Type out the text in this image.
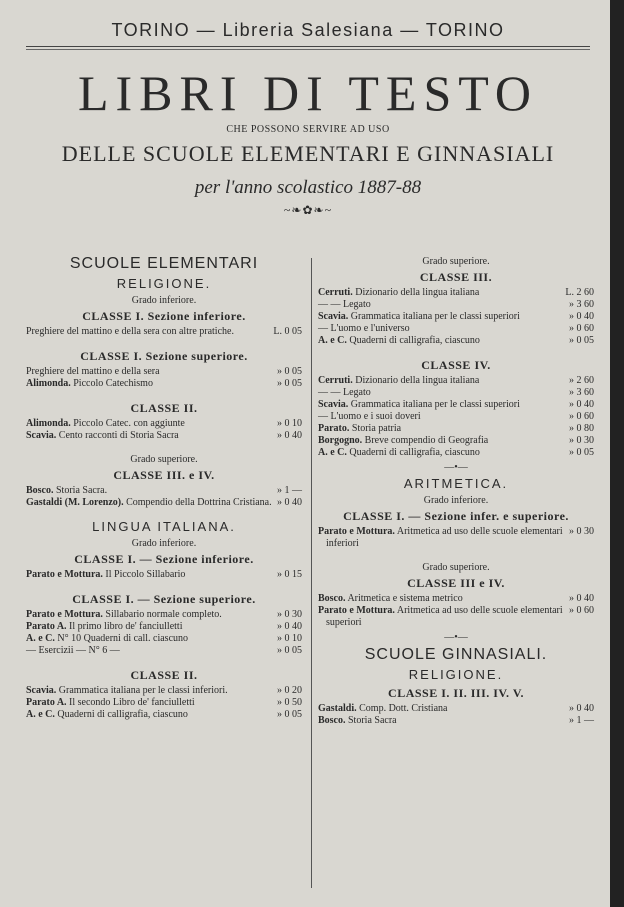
TORINO — Libreria Salesiana — TORINO
LIBRI DI TESTO
CHE POSSONO SERVIRE AD USO
DELLE SCUOLE ELEMENTARI E GINNASIALI
per l'anno scolastico 1887-88
~❧✿❧~
SCUOLE ELEMENTARI
RELIGIONE.
Grado inferiore.
CLASSE I. Sezione inferiore.
L. 0 05
Preghiere del mattino e della sera con altre pratiche.
CLASSE I. Sezione superiore.
» 0 05
Preghiere del mattino e della sera
» 0 05
Alimonda. Piccolo Catechismo
CLASSE II.
» 0 10
Alimonda. Piccolo Catec. con aggiunte
» 0 40
Scavia. Cento racconti di Storia Sacra
Grado superiore.
CLASSE III. e IV.
» 1 —
Bosco. Storia Sacra.
» 0 40
Gastaldi (M. Lorenzo). Compendio della Dottrina Cristiana.
LINGUA ITALIANA.
Grado inferiore.
CLASSE I. — Sezione inferiore.
» 0 15
Parato e Mottura. Il Piccolo Sillabario
CLASSE I. — Sezione superiore.
» 0 30
Parato e Mottura. Sillabario normale completo.
» 0 40
Parato A. Il primo libro de' fanciulletti
» 0 10
A. e C. N° 10 Quaderni di call. ciascuno
» 0 05
— Esercizii — N° 6 —
CLASSE II.
» 0 20
Scavia. Grammatica italiana per le classi inferiori.
» 0 50
Parato A. Il secondo Libro de' fanciulletti
» 0 05
A. e C. Quaderni di calligrafia, ciascuno
Grado superiore.
CLASSE III.
L. 2 60
Cerruti. Dizionario della lingua italiana
» 3 60
— — Legato
» 0 40
Scavia. Grammatica italiana per le classi superiori
» 0 60
— L'uomo e l'universo
» 0 05
A. e C. Quaderni di calligrafia, ciascuno
CLASSE IV.
» 2 60
Cerruti. Dizionario della lingua italiana
» 3 60
— — Legato
» 0 40
Scavia. Grammatica italiana per le classi superiori
» 0 60
— L'uomo e i suoi doveri
» 0 80
Parato. Storia patria
» 0 30
Borgogno. Breve compendio di Geografia
» 0 05
A. e C. Quaderni di calligrafia, ciascuno
—•—
ARITMETICA.
Grado inferiore.
CLASSE I. — Sezione infer. e superiore.
» 0 30
Parato e Mottura. Aritmetica ad uso delle scuole elementari inferiori
Grado superiore.
CLASSE III e IV.
» 0 40
Bosco. Aritmetica e sistema metrico
» 0 60
Parato e Mottura. Aritmetica ad uso delle scuole elementari superiori
—•—
SCUOLE GINNASIALI.
RELIGIONE.
CLASSE I. II. III. IV. V.
» 0 40
Gastaldi. Comp. Dott. Cristiana
» 1 —
Bosco. Storia Sacra
